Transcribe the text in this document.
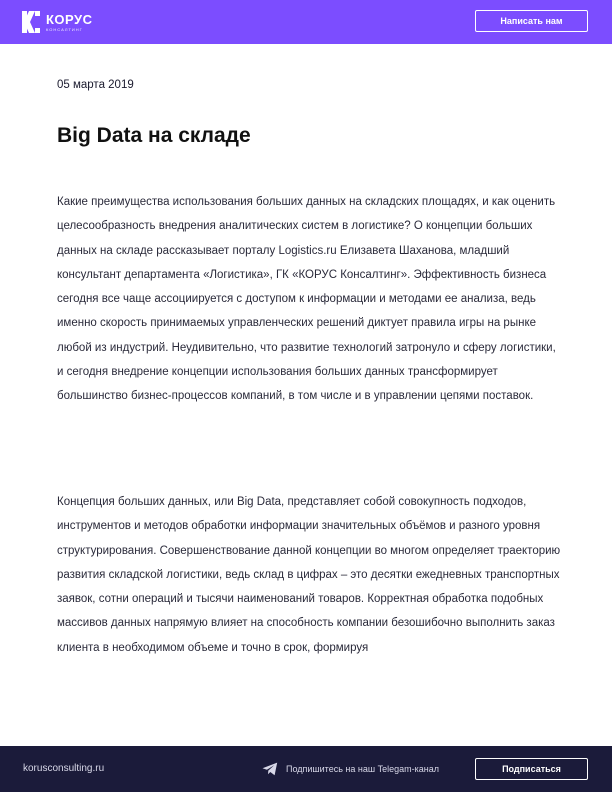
КОРУС
КОНСАЛТИНГ
Написать нам
05 марта 2019
Big Data на складе

Какие преимущества использования больших данных на складских площадях, и как оценить целесообразность внедрения аналитических систем в логистике? О концепции больших данных на складе рассказывает порталу Logistics.ru Елизавета Шаханова, младший консультант департамента «Логистика», ГК «КОРУС Консалтинг». Эффективность бизнеса сегодня все чаще ассоциируется с доступом к информации и методами ее анализа, ведь именно скорость принимаемых управленческих решений диктует правила игры на рынке любой из индустрий. Неудивительно, что развитие технологий затронуло и сферу логистики, и сегодня внедрение концепции использования больших данных трансформирует большинство бизнес-процессов компаний, в том числе и в управлении цепями поставок.

Концепция больших данных, или Big Data, представляет собой совокупность подходов, инструментов и методов обработки информации значительных объёмов и разного уровня структурирования. Совершенствование данной концепции во многом определяет траекторию развития складской логистики, ведь склад в цифрах – это десятки ежедневных транспортных заявок, сотни операций и тысячи наименований товаров. Корректная обработка подобных массивов данных напрямую влияет на способность компании безошибочно выполнить заказ клиента в необходимом объеме и точно в срок, формируя

korusconsulting.ru	Подпишитесь на наш Telegam-канал	Подписаться
